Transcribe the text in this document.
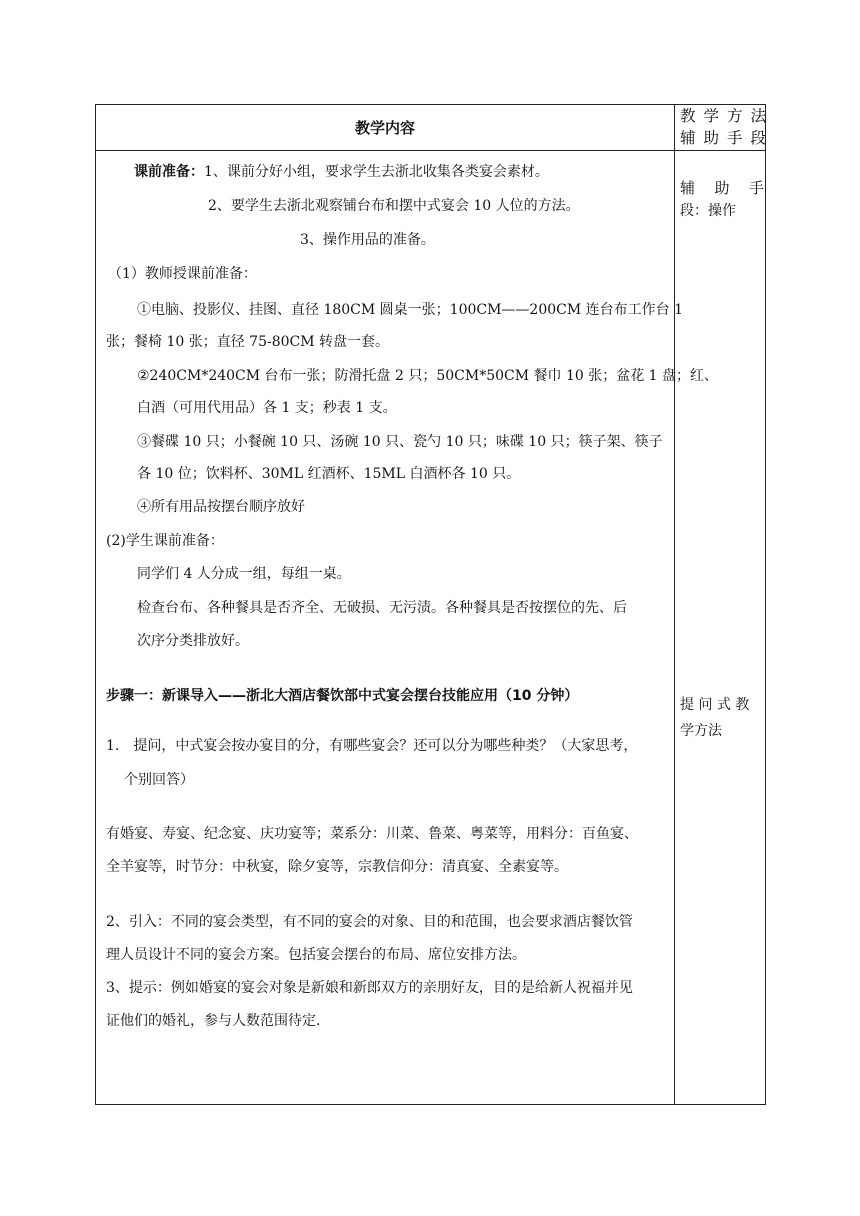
教学内容
教学方法
辅助手段
辅 助 手
段：操作
提 问 式 教
学方法
课前准备：1、课前分好小组，要求学生去浙北收集各类宴会素材。
2、要学生去浙北观察铺台布和摆中式宴会 10 人位的方法。
3、操作用品的准备。
（1）教师授课前准备：
①电脑、投影仪、挂图、直径 180CM 圆桌一张；100CM——200CM 连台布工作台 1
张；餐椅 10 张；直径 75-80CM 转盘一套。
②240CM*240CM 台布一张；防滑托盘 2 只；50CM*50CM 餐巾 10 张；盆花 1 盘；红、
白酒（可用代用品）各 1 支；秒表 1 支。
③餐碟 10 只；小餐碗 10 只、汤碗 10 只、瓷勺 10 只；味碟 10 只；筷子架、筷子
各 10 位；饮料杯、30ML 红酒杯、15ML 白酒杯各 10 只。
④所有用品按摆台顺序放好
(2)学生课前准备：
同学们 4 人分成一组，每组一桌。
检查台布、各种餐具是否齐全、无破损、无污渍。各种餐具是否按摆位的先、后
次序分类排放好。
步骤一：新课导入——浙北大酒店餐饮部中式宴会摆台技能应用（10 分钟）
1． 提问，中式宴会按办宴目的分，有哪些宴会？还可以分为哪些种类？（大家思考，
个别回答）
有婚宴、寿宴、纪念宴、庆功宴等；菜系分：川菜、鲁菜、粤菜等，用料分：百鱼宴、
全羊宴等，时节分：中秋宴，除夕宴等，宗教信仰分：清真宴、全素宴等。
2、引入：不同的宴会类型，有不同的宴会的对象、目的和范围，也会要求酒店餐饮管
理人员设计不同的宴会方案。包括宴会摆台的布局、席位安排方法。
3、提示：例如婚宴的宴会对象是新娘和新郎双方的亲朋好友，目的是给新人祝福并见
证他们的婚礼，参与人数范围待定.
